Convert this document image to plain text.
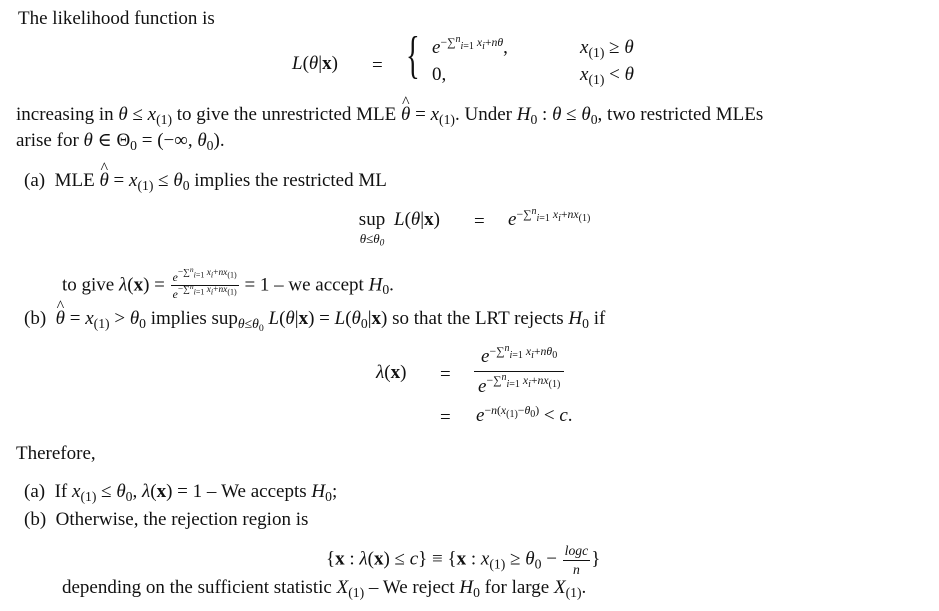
The likelihood function is
L(θ|x) = { $e^{-\sum^n_{i=1} x_i+n\theta}$,	$x_{(1)} \ge \theta$
0,	$x_{(1)} < \theta$
increasing in $\theta \le x_{(1)}$ to give the unrestricted MLE ^ $\theta = x_{(1)}$. Under $H_0$ : $\theta \le \theta_0$, two restricted MLEs
arise for θ ∈ $\Theta_0$ = (−∞, $\theta_0$).
(a) MLE ^ $\theta = x_{(1)} \le \theta_0$ implies the restricted ML
sup
$\theta\le\theta_0$
$L(\theta|x) = e^{-\sum^n_{i=1} x_i+nx_{(1)}}$
to give $\lambda(x) = \frac{e^{-\sum^n_{i=1} x_i+nx_{(1)}}}{e^{-\sum^n_{i=1} x_i+nx_{(1)}}} = 1$ – we accept $H_0$.
(b) ^ $\theta = x_{(1)} > \theta_0$ implies sup$_{\theta\le\theta_0}$ $L(\theta|x) = L(\theta_0|x)$ so that the LRT rejects $H_0$ if
$\lambda(x) = \frac{e^{-\sum^n_{i=1} x_i+n\theta_0}}{e^{-\sum^n_{i=1} x_i+nx_{(1)}}}$
= $e^{-n(x_{(1)}-\theta_0)} < c$.
Therefore,
(a) If $x_{(1)} \le \theta_0$, λ(x) = 1 – We accepts $H_0$;
(b) Otherwise, the rejection region is
{x : λ(x) ≤ c} ≡ {x : $x_{(1)} \ge \theta_0 - \frac{\log c}{n}$ }
depending on the sufficient statistic $X_{(1)}$ – We reject $H_0$ for large $X_{(1)}$.
